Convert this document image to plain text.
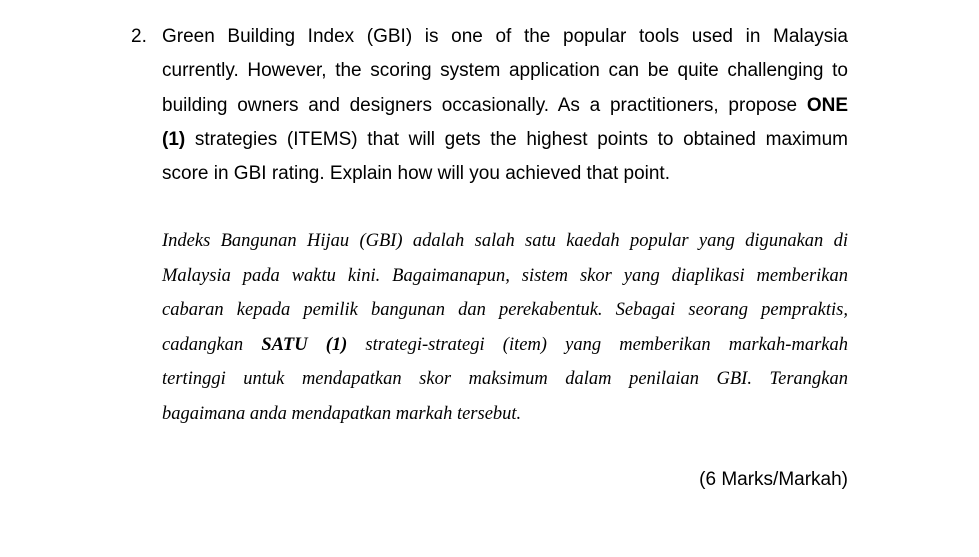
2. Green Building Index (GBI) is one of the popular tools used in Malaysia
currently. However, the scoring system application can be quite challenging to
building owners and designers occasionally. As a practitioners, propose ONE
(1) strategies (ITEMS) that will gets the highest points to obtained maximum
score in GBI rating. Explain how will you achieved that point.
Indeks Bangunan Hijau (GBI) adalah salah satu kaedah popular yang digunakan di
Malaysia pada waktu kini. Bagaimanapun, sistem skor yang diaplikasi memberikan
cabaran kepada pemilik bangunan dan perekabentuk. Sebagai seorang pempraktis,
cadangkan SATU (1) strategi-strategi (item) yang memberikan markah-markah
tertinggi untuk mendapatkan skor maksimum dalam penilaian GBI. Terangkan
bagaimana anda mendapatkan markah tersebut.
(6 Marks/Markah)
